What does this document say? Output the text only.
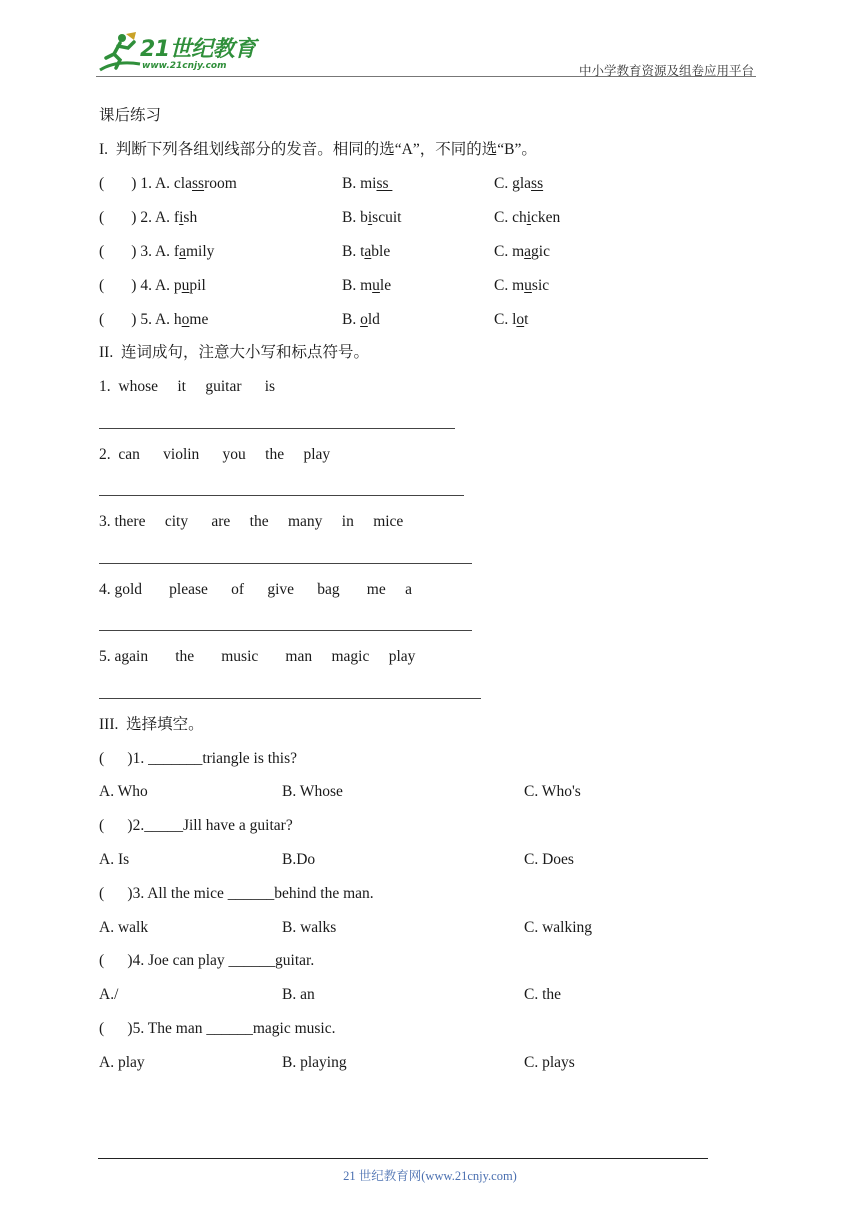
21世纪教育
www.21cnjy.com	中小学教育资源及组卷应用平台
课后练习
I.  判断下列各组划线部分的发音。相同的选“A”，不同的选“B”。
(       ) 1. A. classroom	B. miss	C. glass
(       ) 2. A. fish	B. biscuit	C. chicken
(       ) 3. A. family	B. table	C. magic
(       ) 4. A. pupil	B. mule	C. music
(       ) 5. A. home	B. old	C. lot
II.  连词成句，注意大小写和标点符号。
1.  whose     it     guitar      is
2.  can      violin      you     the     play
3. there     city      are     the     many     in     mice
4. gold       please      of      give      bag       me     a
5. again       the       music       man     magic     play
III.  选择填空。
(      )1. _______triangle is this?
A. Who	B. Whose	C. Who's
(      )2._____Jill have a guitar?
A. Is	B.Do	C. Does
(      )3. All the mice ______behind the man.
A. walk	B. walks	C. walking
(      )4. Joe can play ______guitar.
A./	B. an	C. the
(      )5. The man ______magic music.
A. play	B. playing	C. plays
21 世纪教育网(www.21cnjy.com)
